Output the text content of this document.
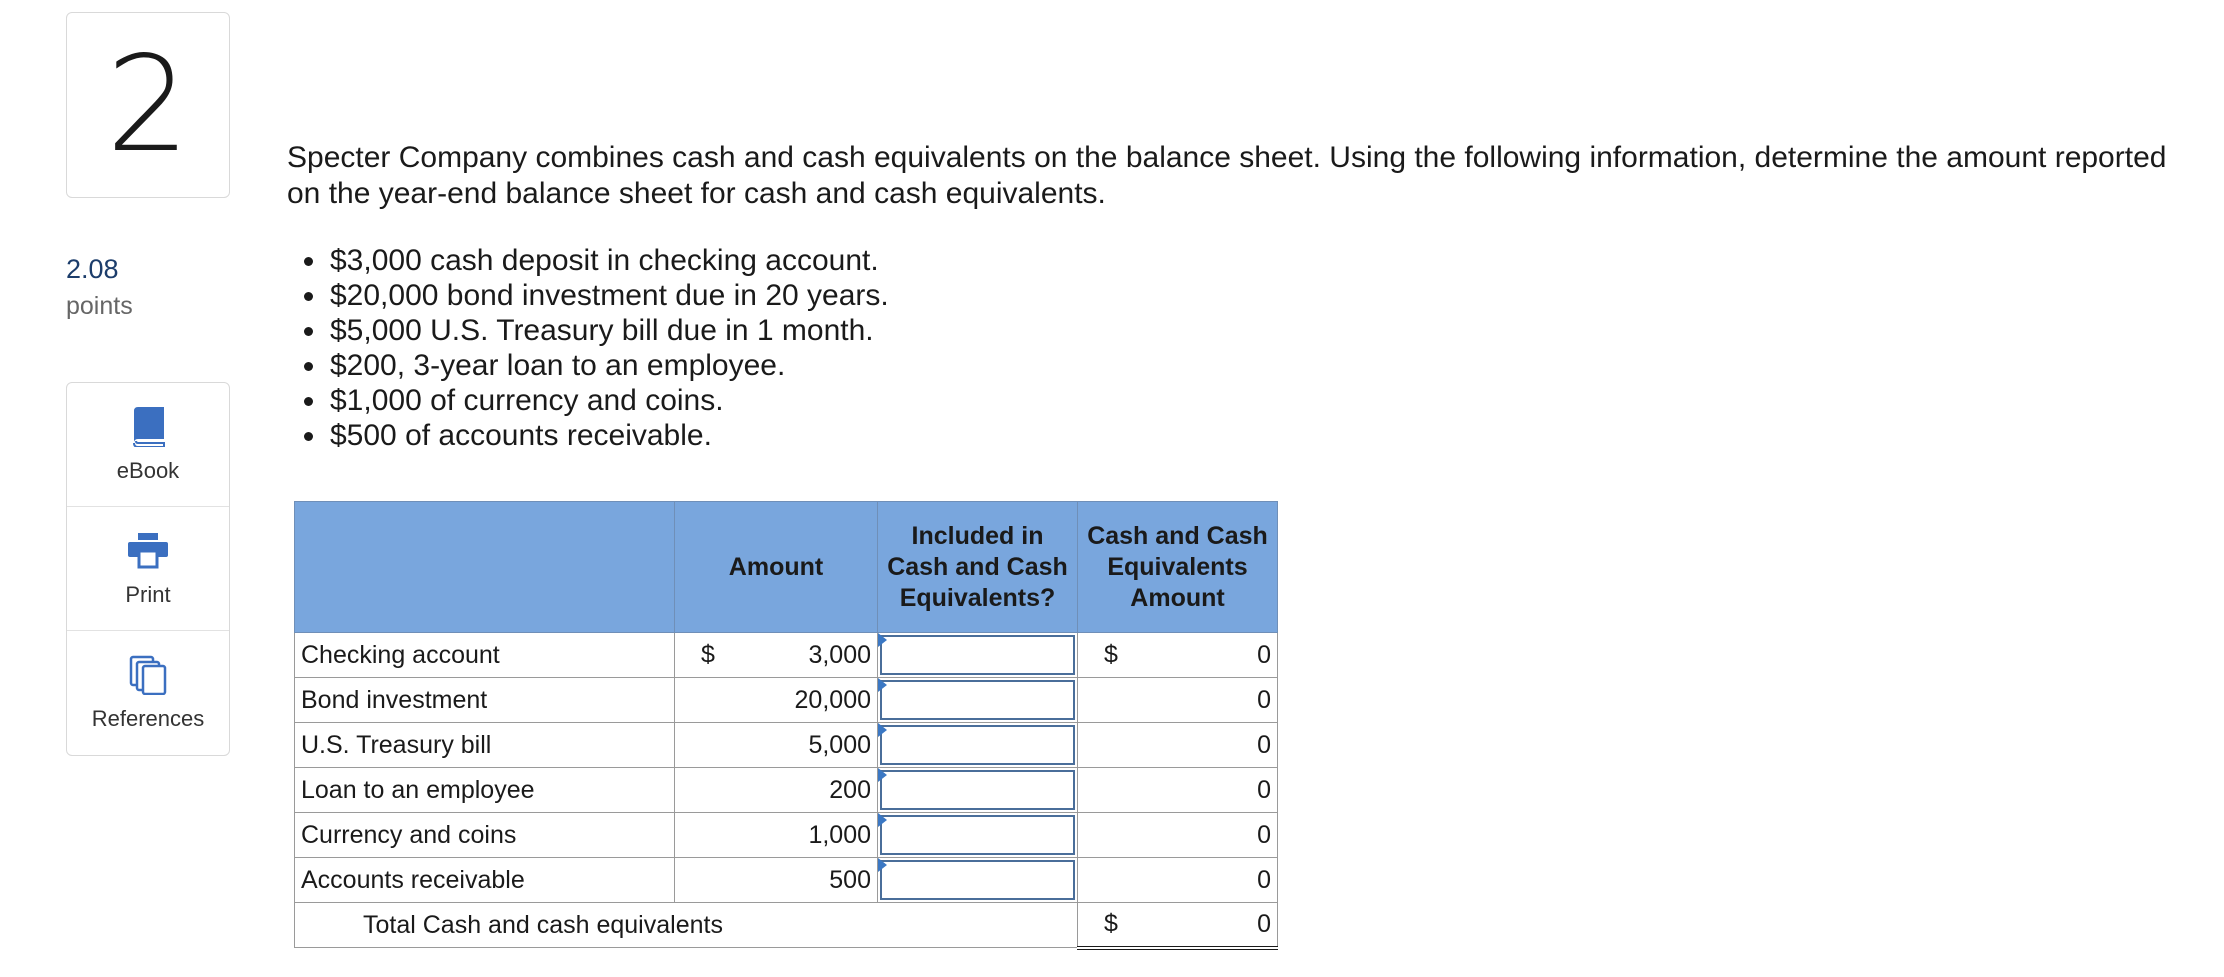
2
2.08
points
eBook
Print
References
Specter Company combines cash and cash equivalents on the balance sheet. Using the following information, determine the amount reported on the year-end balance sheet for cash and cash equivalents.
• $3,000 cash deposit in checking account.
• $20,000 bond investment due in 20 years.
• $5,000 U.S. Treasury bill due in 1 month.
• $200, 3-year loan to an employee.
• $1,000 of currency and coins.
• $500 of accounts receivable.
	Amount	Included in Cash and Cash Equivalents?	Cash and Cash Equivalents Amount
Checking account	$ 3,000		$ 0
Bond investment	20,000		0
U.S. Treasury bill	5,000		0
Loan to an employee	200		0
Currency and coins	1,000		0
Accounts receivable	500		0
Total Cash and cash equivalents			$ 0
